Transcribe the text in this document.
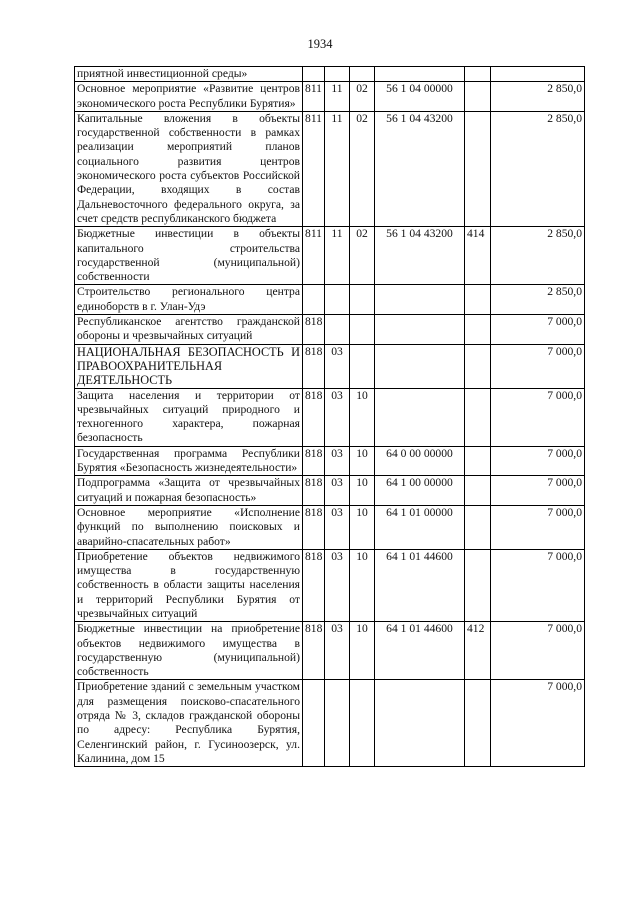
1934
приятной инвестиционной среды»						
Основное мероприятие «Развитие центров экономического роста Республики Бурятия»	811	11	02	56 1 04 00000		2 850,0
Капитальные вложения в объекты государственной собственности в рамках реализации мероприятий планов социального развития центров экономического роста субъектов Российской Федерации, входящих в состав Дальневосточного федерального округа, за счет средств республиканского бюджета	811	11	02	56 1 04 43200		2 850,0
Бюджетные инвестиции в объекты капитального строительства государственной (муниципальной) собственности	811	11	02	56 1 04 43200	414	2 850,0
Строительство регионального центра единоборств в г. Улан-Удэ						2 850,0
Республиканское агентство гражданской обороны и чрезвычайных ситуаций	818					7 000,0
НАЦИОНАЛЬНАЯ БЕЗОПАСНОСТЬ И ПРАВООХРАНИТЕЛЬНАЯ ДЕЯТЕЛЬНОСТЬ	818	03				7 000,0
Защита населения и территории от чрезвычайных ситуаций природного и техногенного характера, пожарная безопасность	818	03	10			7 000,0
Государственная программа Республики Бурятия «Безопасность жизнедеятельности»	818	03	10	64 0 00 00000		7 000,0
Подпрограмма «Защита от чрезвычайных ситуаций и пожарная безопасность»	818	03	10	64 1 00 00000		7 000,0
Основное мероприятие «Исполнение функций по выполнению поисковых и аварийно-спасательных работ»	818	03	10	64 1 01 00000		7 000,0
Приобретение объектов недвижимого имущества в государственную собственность в области защиты населения и территорий Республики Бурятия от чрезвычайных ситуаций	818	03	10	64 1 01 44600		7 000,0
Бюджетные инвестиции на приобретение объектов недвижимого имущества в государственную (муниципальной) собственность	818	03	10	64 1 01 44600	412	7 000,0
Приобретение зданий с земельным участком для размещения поисково-спасательного отряда № 3, складов гражданской обороны по адресу: Республика Бурятия, Селенгинский район, г. Гусиноозерск, ул. Калинина, дом 15						7 000,0
